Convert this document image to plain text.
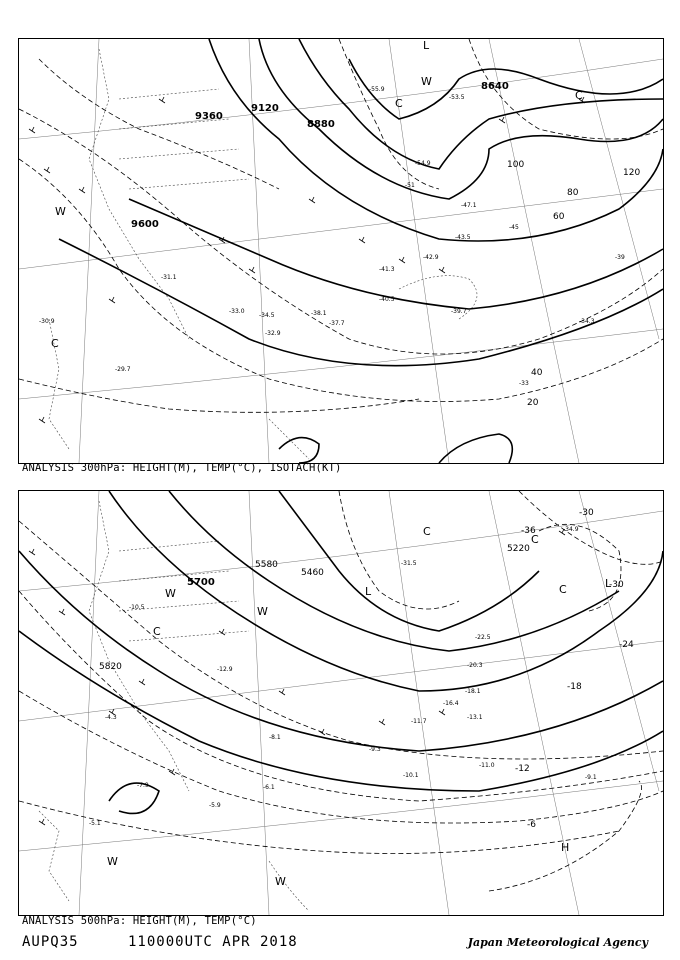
9120
9360
8880
8640
9600
100
80
60
40
20
120
C
C
W
W
L
C
-51
-53.5
-55.9
-54.9
-47.1
-45
-43.5
-42.9
-41.3
-40.5
-39.7
-38.1
-37.7
-34.5
-33.0
-31.1
-30.9
-29.7
-32.9
-34.3
-39
-33
ANALYSIS 300hPa: HEIGHT(M), TEMP(°C), ISOTACH(KT)
5700
5580
5460
5820
5220
-36
-30
-24
-18
-12
-6
-30
W
C
W
C
L
C
C	L
H
W
W
-31.5
-34.9
-22.5
-20.3
-18.1
-16.4
-13.1
-11.7
-11.0
-10.1
-9.3
-9.1
-8.1
-6.1
-5.9
-5.1
-4.3
-7.9
-10.5
-12.9
ANALYSIS 500hPa: HEIGHT(M), TEMP(°C)
AUPQ35	110000UTC APR 2018	Japan Meteorological Agency
